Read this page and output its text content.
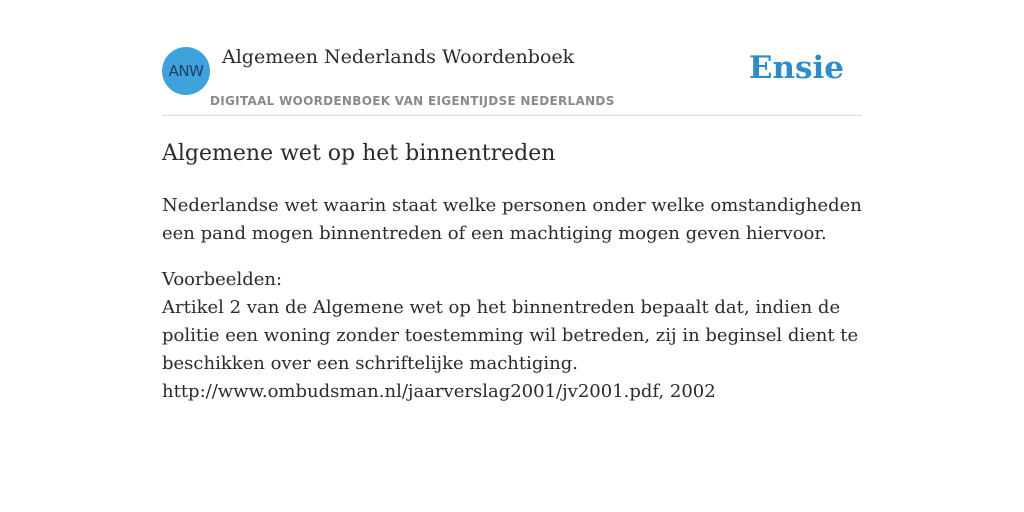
ANW
Algemeen Nederlands Woordenboek
DIGITAAL WOORDENBOEK VAN EIGENTIJDSE NEDERLANDS
Ensie
Algemene wet op het binnentreden

Nederlandse wet waarin staat welke personen onder welke omstandigheden een pand mogen binnentreden of een machtiging mogen geven hiervoor.

Voorbeelden:
Artikel 2 van de Algemene wet op het binnentreden bepaalt dat, indien de politie een woning zonder toestemming wil betreden, zij in beginsel dient te beschikken over een schriftelijke machtiging.
http://www.ombudsman.nl/jaarverslag2001/jv2001.pdf, 2002
